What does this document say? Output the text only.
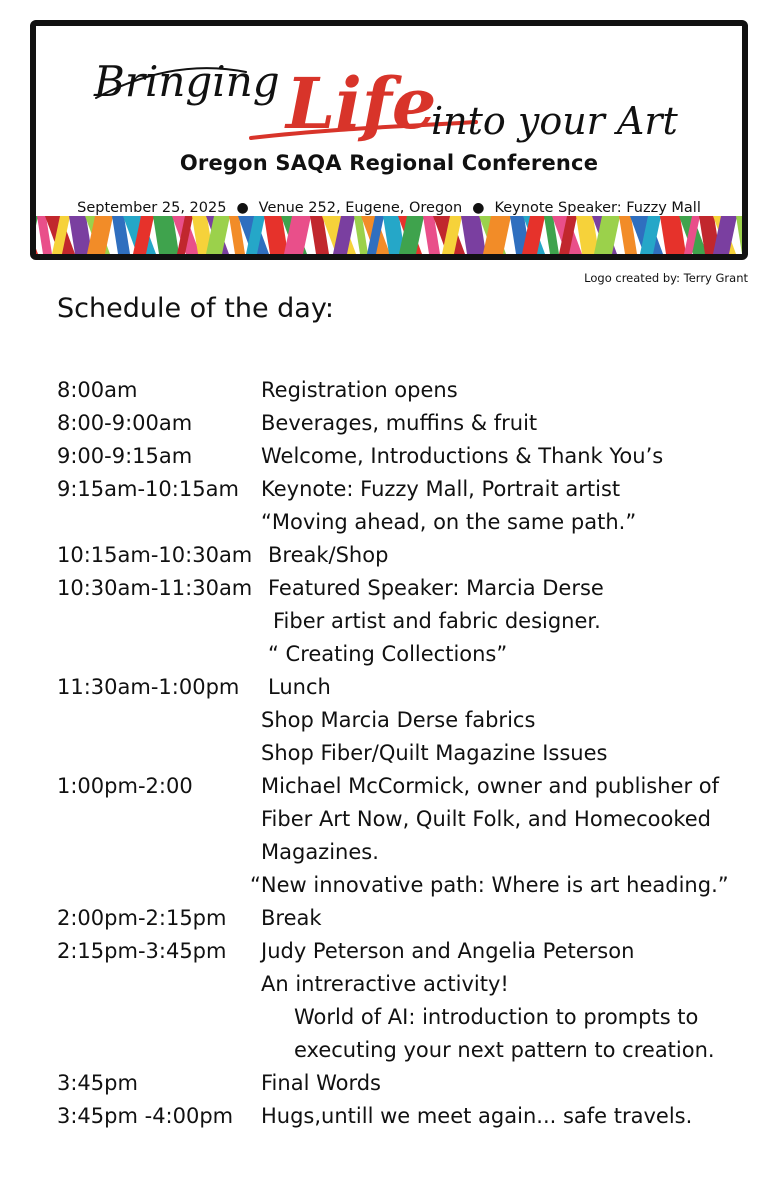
Bringing Life
into your Art
Oregon SAQA Regional Conference
September 25, 2025 ● Venue 252, Eugene, Oregon ● Keynote Speaker: Fuzzy Mall
Logo created by: Terry Grant
Schedule of the day:
8:00am	Registration opens
8:00-9:00am	Beverages, muffins & fruit
9:00-9:15am	Welcome, Introductions & Thank You’s
9:15am-10:15am Keynote: Fuzzy Mall, Portrait artist
“Moving ahead, on the same path.”
10:15am-10:30am Break/Shop
10:30am-11:30am Featured Speaker: Marcia Derse
Fiber artist and fabric designer.
“ Creating Collections”
11:30am-1:00pm Lunch
Shop Marcia Derse fabrics
Shop Fiber/Quilt Magazine Issues
1:00pm-2:00	Michael McCormick, owner and publisher of
Fiber Art Now, Quilt Folk, and Homecooked
Magazines.
“New innovative path: Where is art heading.”
2:00pm-2:15pm Break
2:15pm-3:45pm Judy Peterson and Angelia Peterson
An intreractive activity!
World of AI: introduction to prompts to
executing your next pattern to creation.
3:45pm	Final Words
3:45pm -4:00pm Hugs,untill we meet again... safe travels.
